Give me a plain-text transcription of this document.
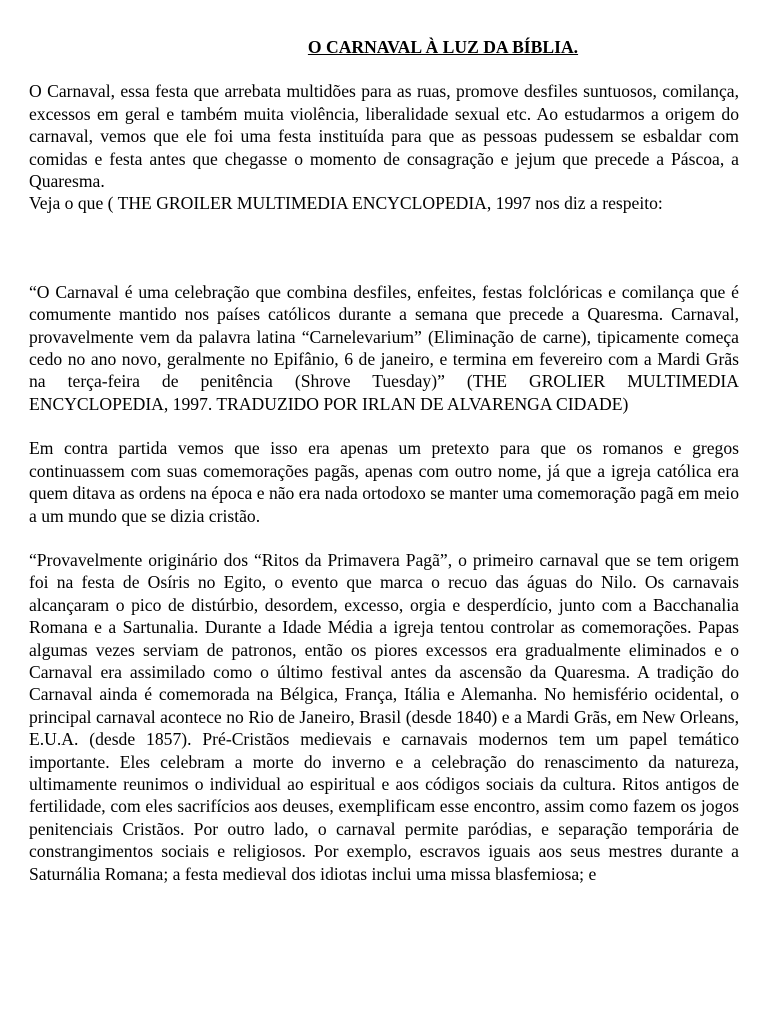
O CARNAVAL À LUZ DA BÍBLIA.

O Carnaval, essa festa que arrebata multidões para as ruas, promove desfiles suntuosos, comilança, excessos em geral e também muita violência, liberalidade sexual etc. Ao estudarmos a origem do carnaval, vemos que ele foi uma festa instituída para que as pessoas pudessem se esbaldar com comidas e festa antes que chegasse o momento de consagração e jejum que precede a Páscoa, a Quaresma.

Veja o que ( THE GROILER MULTIMEDIA ENCYCLOPEDIA, 1997 nos diz a respeito:

“O Carnaval é uma celebração que combina desfiles, enfeites, festas folclóricas e comilança que é comumente mantido nos países católicos durante a semana que precede a Quaresma. Carnaval, provavelmente vem da palavra latina “Carnelevarium” (Eliminação de carne), tipicamente começa cedo no ano novo, geralmente no Epifânio, 6 de janeiro, e termina em fevereiro com a Mardi Grãs na terça-feira de penitência (Shrove Tuesday)” (THE GROLIER MULTIMEDIA ENCYCLOPEDIA, 1997. TRADUZIDO POR IRLAN DE ALVARENGA CIDADE)

Em contra partida vemos que isso era apenas um pretexto para que os romanos e gregos continuassem com suas comemorações pagãs, apenas com outro nome, já que a igreja católica era quem ditava as ordens na época e não era nada ortodoxo se manter uma comemoração pagã em meio a um mundo que se dizia cristão.

“Provavelmente originário dos “Ritos da Primavera Pagã”, o primeiro carnaval que se tem origem foi na festa de Osíris no Egito, o evento que marca o recuo das águas do Nilo. Os carnavais alcançaram o pico de distúrbio, desordem, excesso, orgia e desperdício, junto com a Bacchanalia Romana e a Sartunalia. Durante a Idade Média a igreja tentou controlar as comemorações. Papas algumas vezes serviam de patronos, então os piores excessos era gradualmente eliminados e o Carnaval era assimilado como o último festival antes da ascensão da Quaresma. A tradição do Carnaval ainda é comemorada na Bélgica, França, Itália e Alemanha. No hemisfério ocidental, o principal carnaval acontece no Rio de Janeiro, Brasil (desde 1840) e a Mardi Grãs, em New Orleans, E.U.A. (desde 1857). Pré-Cristãos medievais e carnavais modernos tem um papel temático importante. Eles celebram a morte do inverno e a celebração do renascimento da natureza, ultimamente reunimos o individual ao espiritual e aos códigos sociais da cultura. Ritos antigos de fertilidade, com eles sacrifícios aos deuses, exemplificam esse encontro, assim como fazem os jogos penitenciais Cristãos. Por outro lado, o carnaval permite paródias, e separação temporária de constrangimentos sociais e religiosos. Por exemplo, escravos iguais aos seus mestres durante a Saturnália Romana; a festa medieval dos idiotas inclui uma missa blasfemiosa; e
